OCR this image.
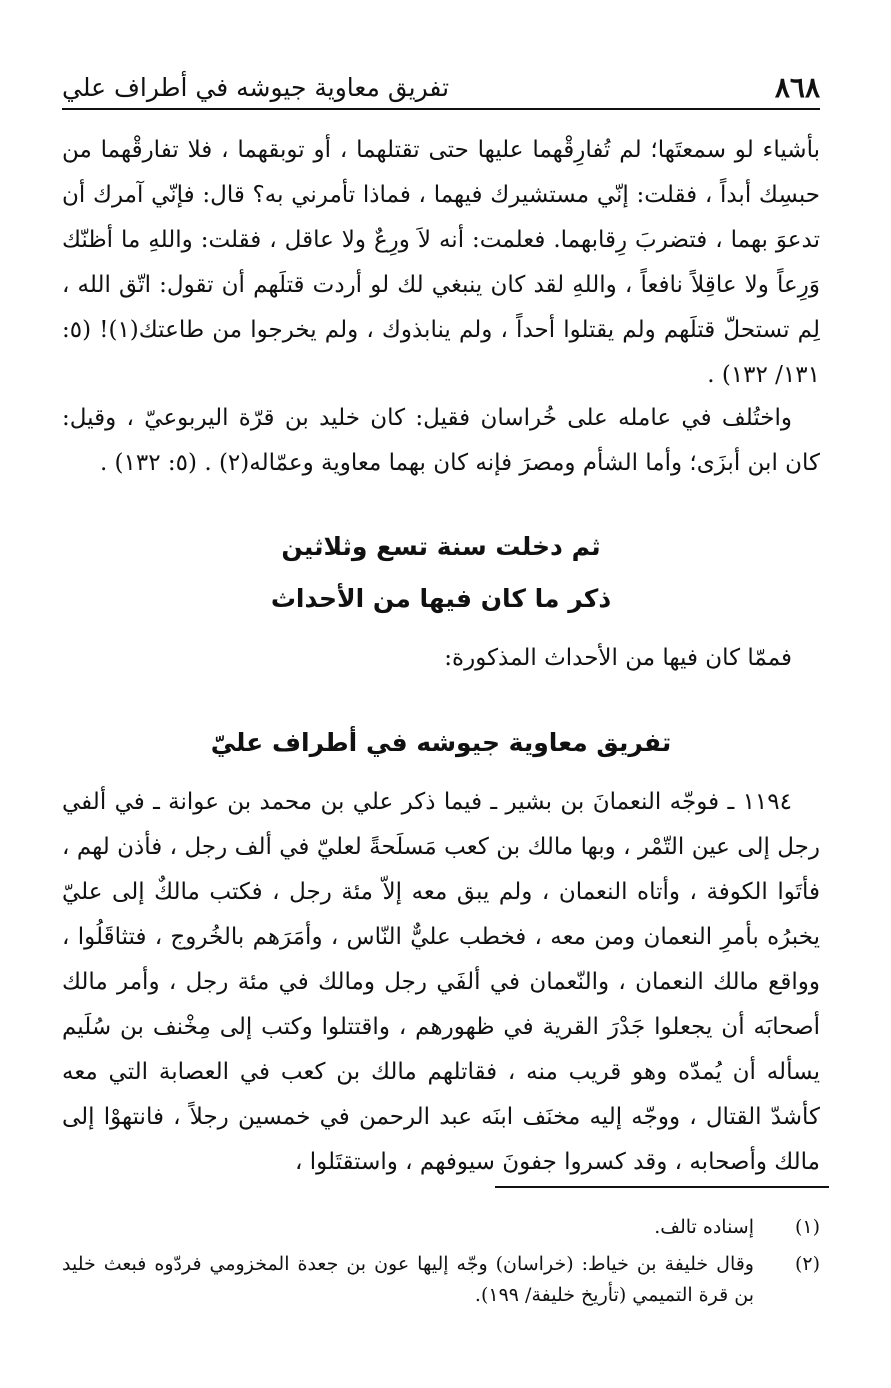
٨٦٨
تفريق معاوية جيوشه في أطراف علي

بأشياء لو سمعتَها؛ لم تُفارِقْهما عليها حتى تقتلهما ، أو توبقهما ، فلا تفارقْهما من حبسِك أبداً ، فقلت: إنّي مستشيرك فيهما ، فماذا تأمرني به؟ قال: فإنّي آمرك أن تدعوَ بهما ، فتضربَ رِقابهما. فعلمت: أنه لاَ ورِعٌ ولا عاقل ، فقلت: واللهِ ما أظنّك وَرِعاً ولا عاقِلاً نافعاً ، واللهِ لقد كان ينبغي لك لو أردت قتلَهم أن تقول: اتّق الله ، لِم تستحلّ قتلَهم ولم يقتلوا أحداً ، ولم ينابذوك ، ولم يخرجوا من طاعتك(١)! (٥: ١٣١/ ١٣٢) .

واختُلف في عامله على خُراسان فقيل: كان خليد بن قرّة اليربوعيّ ، وقيل: كان ابن أبزَى؛ وأما الشأم ومصرَ فإنه كان بهما معاوية وعمّاله(٢) . (٥: ١٣٢) .

ثم دخلت سنة تسع وثلاثين
ذكر ما كان فيها من الأحداث

فممّا كان فيها من الأحداث المذكورة:

تفريق معاوية جيوشه في أطراف عليّ

١١٩٤ ـ فوجّه النعمانَ بن بشير ـ فيما ذكر علي بن محمد بن عوانة ـ في ألفي رجل إلى عين التّمْر ، وبها مالك بن كعب مَسلَحةً لعليّ في ألف رجل ، فأذن لهم ، فأتَوا الكوفة ، وأتاه النعمان ، ولم يبق معه إلاّ مئة رجل ، فكتب مالكٌ إلى عليّ يخبرُه بأمرِ النعمان ومن معه ، فخطب عليٌّ النّاس ، وأمَرَهم بالخُروج ، فتثاقَلُوا ، وواقع مالك النعمان ، والنّعمان في ألفَي رجل ومالك في مئة رجل ، وأمر مالك أصحابَه أن يجعلوا جَدْرَ القرية في ظهورهم ، واقتتلوا وكتب إلى مِخْنف بن سُلَيم يسأله أن يُمدّه وهو قريب منه ، فقاتلهم مالك بن كعب في العصابة التي معه كأشدّ القتال ، ووجّه إليه مخنَف ابنَه عبد الرحمن في خمسين رجلاً ، فانتهوْا إلى مالك وأصحابه ، وقد كسروا جفونَ سيوفهم ، واستقتَلوا ،

(١)
إسناده تالف.
(٢)
وقال خليفة بن خياط: (خراسان) وجّه إليها عون بن جعدة المخزومي فردّوه فبعث خليد بن قرة التميمي (تأريخ خليفة/ ١٩٩).
